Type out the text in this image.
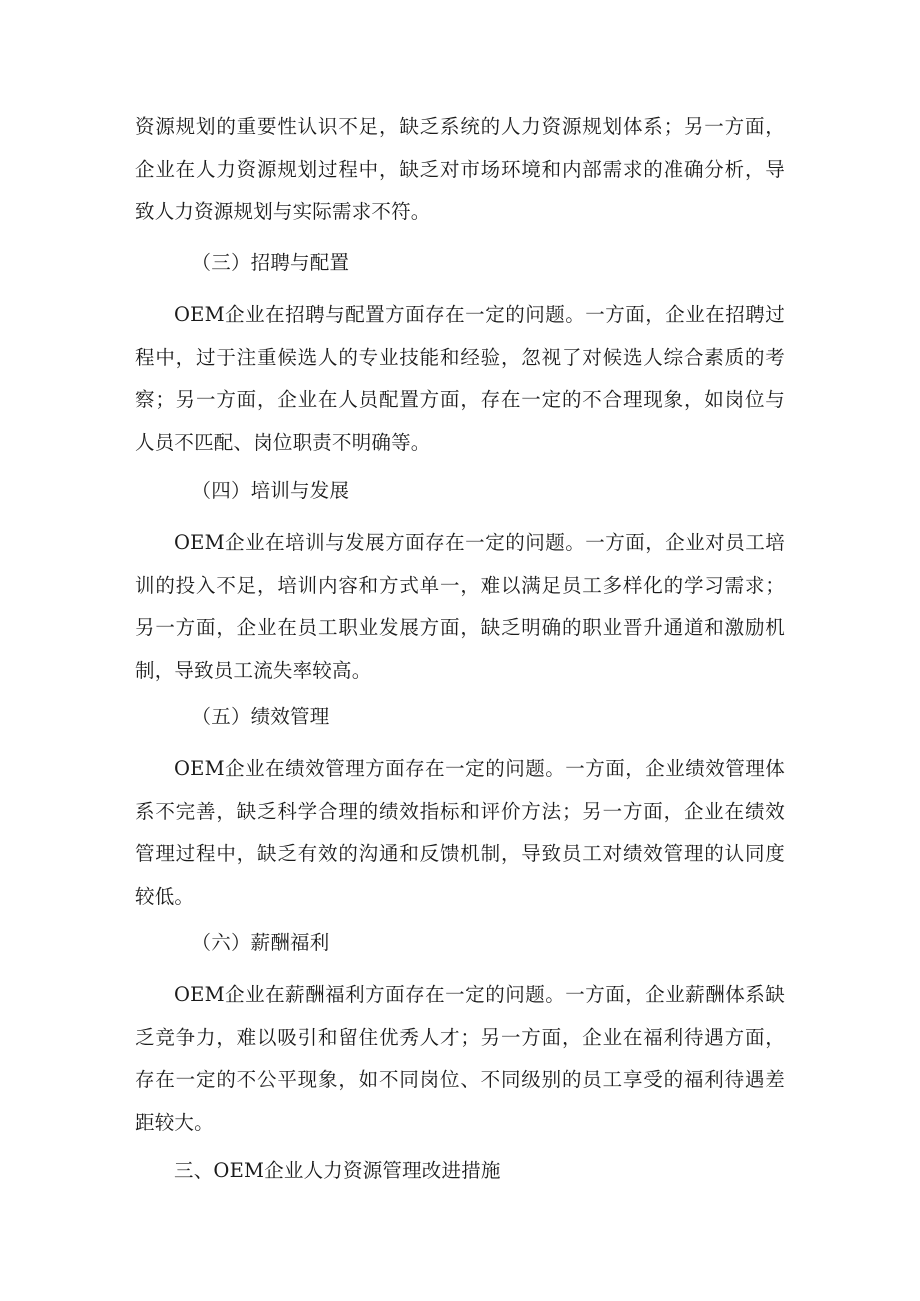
资源规划的重要性认识不足，缺乏系统的人力资源规划体系；另一方面，企业在人力资源规划过程中，缺乏对市场环境和内部需求的准确分析，导致人力资源规划与实际需求不符。

（三）招聘与配置

OEM企业在招聘与配置方面存在一定的问题。一方面，企业在招聘过程中，过于注重候选人的专业技能和经验，忽视了对候选人综合素质的考察；另一方面，企业在人员配置方面，存在一定的不合理现象，如岗位与人员不匹配、岗位职责不明确等。

（四）培训与发展

OEM企业在培训与发展方面存在一定的问题。一方面，企业对员工培训的投入不足，培训内容和方式单一，难以满足员工多样化的学习需求；另一方面，企业在员工职业发展方面，缺乏明确的职业晋升通道和激励机制，导致员工流失率较高。

（五）绩效管理

OEM企业在绩效管理方面存在一定的问题。一方面，企业绩效管理体系不完善，缺乏科学合理的绩效指标和评价方法；另一方面，企业在绩效管理过程中，缺乏有效的沟通和反馈机制，导致员工对绩效管理的认同度较低。

（六）薪酬福利

OEM企业在薪酬福利方面存在一定的问题。一方面，企业薪酬体系缺乏竞争力，难以吸引和留住优秀人才；另一方面，企业在福利待遇方面，存在一定的不公平现象，如不同岗位、不同级别的员工享受的福利待遇差距较大。

三、OEM企业人力资源管理改进措施
